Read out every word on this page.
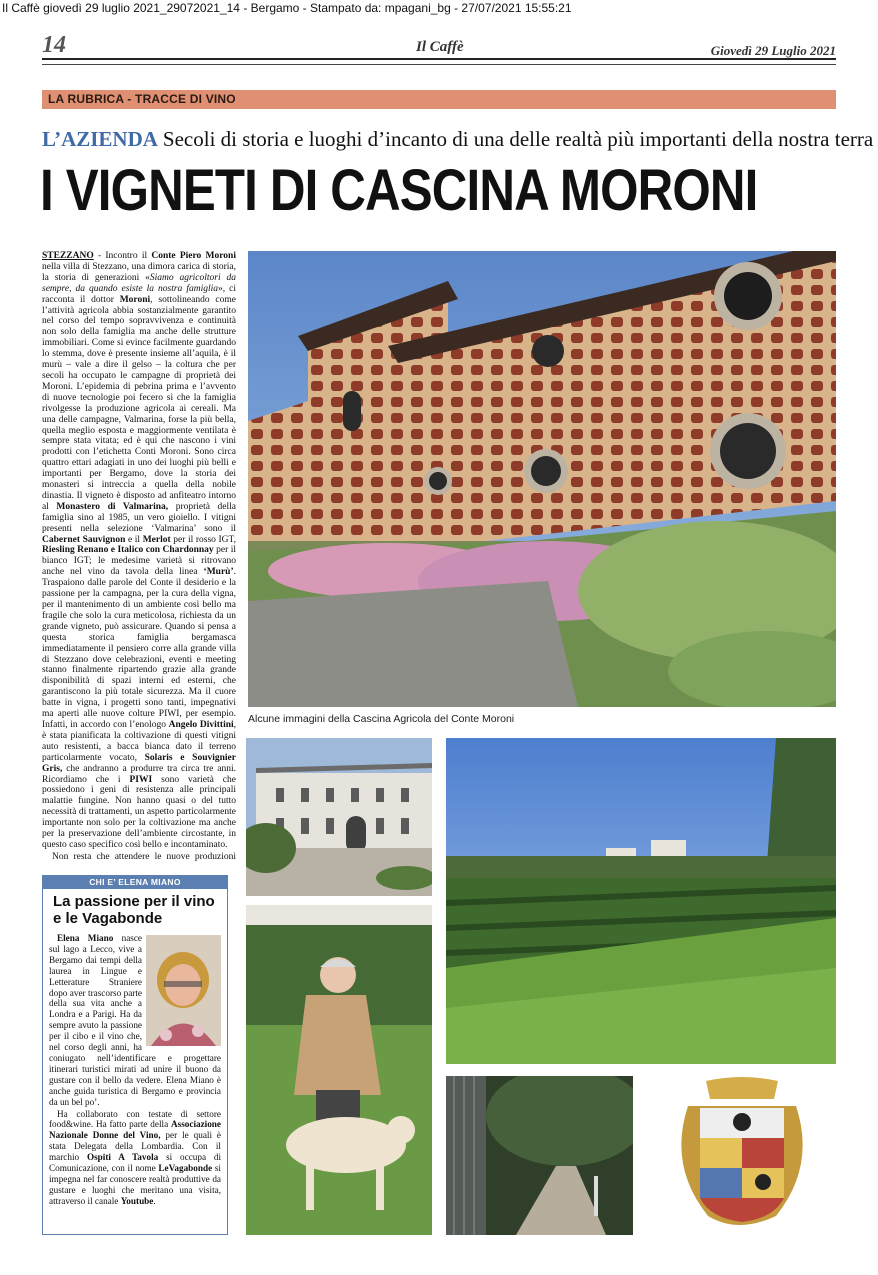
Il Caffè giovedì 29 luglio 2021_29072021_14 - Bergamo - Stampato da: mpagani_bg - 27/07/2021 15:55:21
14	Il Caffè	Giovedì 29 Luglio 2021
LA RUBRICA - TRACCE DI VINO
L’AZIENDA Secoli di storia e luoghi d’incanto di una delle realtà più importanti della nostra terra
I VIGNETI DI CASCINA MORONI

STEZZANO - Incontro il Conte Piero Moroni nella villa di Stezzano, una dimora carica di storia, la storia di generazioni «Siamo agricoltori da sempre, da quando esiste la nostra famiglia», ci racconta il dottor Moroni, sottolineando come l’attività agricola abbia sostanzialmente garantito nel corso del tempo sopravvivenza e continuità non solo della famiglia ma anche delle strutture immobiliari. Come si evince facilmente guardando lo stemma, dove è presente insieme all’aquila, è il murù – vale a dire il gelso – la coltura che per secoli ha occupato le campagne di proprietà dei Moroni. L’epidemia di pebrina prima e l’avvento di nuove tecnologie poi fecero sì che la famiglia rivolgesse la produzione agricola ai cereali. Ma una delle campagne, Valmarina, forse la più bella, quella meglio esposta e maggiormente ventilata è sempre stata vitata; ed è qui che nascono i vini prodotti con l’etichetta Conti Moroni. Sono circa quattro ettari adagiati in uno dei luoghi più belli e importanti per Bergamo, dove la storia dei monasteri si intreccia a quella della nobile dinastia. Il vigneto è disposto ad anfiteatro intorno al Monastero di Valmarina, proprietà della famiglia sino al 1985, un vero gioiello. I vitigni presenti nella selezione ‘Valmarina’ sono il Cabernet Sauvignon e il Merlot per il rosso IGT, Riesling Renano e Italico con Chardonnay per il bianco IGT; le medesime varietà si ritrovano anche nel vino da tavola della linea ‘Murù’. Traspaiono dalle parole del Conte il desiderio e la passione per la campagna, per la cura della vigna, per il mantenimento di un ambiente così bello ma fragile che solo la cura meticolosa, richiesta da un grande vigneto, può assicurare. Quando si pensa a questa storica famiglia bergamasca immediatamente il pensiero corre alla grande villa di Stezzano dove celebrazioni, eventi e meeting stanno finalmente ripartendo grazie alla grande disponibilità di spazi interni ed esterni, che garantiscono la più totale sicurezza. Ma il cuore batte in vigna, i progetti sono tanti, impegnativi ma aperti alle nuove colture PIWI, per esempio. Infatti, in accordo con l’enologo Angelo Divittini, è stata pianificata la coltivazione di questi vitigni auto resistenti, a bacca bianca dato il terreno particolarmente vocato, Solaris e Souvignier Gris, che andranno a produrre tra circa tre anni. Ricordiamo che i PIWI sono varietà che possiedono i geni di resistenza alle principali malattie fungine. Non hanno quasi o del tutto necessità di trattamenti, un aspetto particolarmente importante non solo per la coltivazione ma anche per la preservazione dell’ambiente circostante, in questo caso specifico così bello e incontaminato.

Non resta che attendere le nuove produzioni

Alcune immagini della Cascina Agricola del Conte Moroni
CHI E’ ELENA MIANO
La passione per il vino e le Vagabonde

Elena Miano
nasce sul lago a Lecco, vive a Bergamo dai tempi della laurea in Lingue e Letterature Straniere dopo aver trascorso parte della sua vita anche a Londra e a Parigi. Ha da sempre avuto la passione per il cibo e il vino che, nel corso degli anni, ha coniugato nell’identificare e progettare itinerari turistici mirati ad unire il buono da gustare con il bello da vedere. Elena Miano è anche guida turistica di Bergamo e provincia da un bel po’.

Ha collaborato con testate di settore food&wine. Ha fatto parte della Associazione Nazionale Donne del Vino, per le quali è stata Delegata della Lombardia. Con il marchio Ospiti A Tavola si occupa di Comunicazione, con il nome LeVagabonde si impegna nel far conoscere realtà produttive da gustare e luoghi che meritano una visita, attraverso il canale Youtube.
